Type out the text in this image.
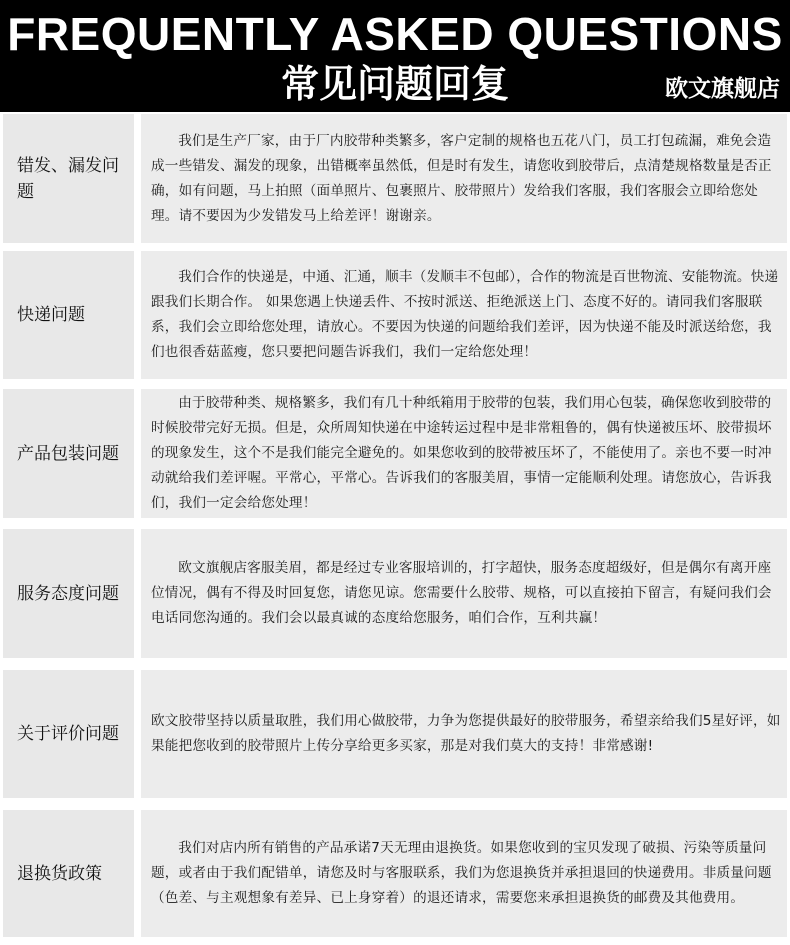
FREQUENTLY ASKED QUESTIONS
常见问题回复	欧文旗舰店
错发、漏发问题

我们是生产厂家，由于厂内胶带种类繁多，客户定制的规格也五花八门，员工打包疏漏，难免会造成一些错发、漏发的现象，出错概率虽然低，但是时有发生，请您收到胶带后，点清楚规格数量是否正确，如有问题，马上拍照（面单照片、包裹照片、胶带照片）发给我们客服，我们客服会立即给您处理。请不要因为少发错发马上给差评！谢谢亲。

快递问题

我们合作的快递是，中通、汇通，顺丰（发顺丰不包邮），合作的物流是百世物流、安能物流。快递跟我们长期合作。 如果您遇上快递丢件、不按时派送、拒绝派送上门、态度不好的。请同我们客服联系，我们会立即给您处理，请放心。不要因为快递的问题给我们差评，因为快递不能及时派送给您，我们也很香菇蓝瘦，您只要把问题告诉我们，我们一定给您处理！

产品包装问题

由于胶带种类、规格繁多，我们有几十种纸箱用于胶带的包装，我们用心包装，确保您收到胶带的时候胶带完好无损。但是，众所周知快递在中途转运过程中是非常粗鲁的，偶有快递被压坏、胶带损坏的现象发生，这个不是我们能完全避免的。如果您收到的胶带被压坏了，不能使用了。亲也不要一时冲动就给我们差评喔。平常心，平常心。告诉我们的客服美眉，事情一定能顺利处理。请您放心，告诉我们，我们一定会给您处理！

服务态度问题

欧文旗舰店客服美眉，都是经过专业客服培训的，打字超快，服务态度超级好，但是偶尔有离开座位情况，偶有不得及时回复您，请您见谅。您需要什么胶带、规格，可以直接拍下留言，有疑问我们会电话同您沟通的。我们会以最真诚的态度给您服务，咱们合作，互利共赢！

关于评价问题

欧文胶带坚持以质量取胜，我们用心做胶带，力争为您提供最好的胶带服务，希望亲给我们5星好评，如果能把您收到的胶带照片上传分享给更多买家，那是对我们莫大的支持！非常感谢!

退换货政策

我们对店内所有销售的产品承诺7天无理由退换货。如果您收到的宝贝发现了破损、污染等质量问题，或者由于我们配错单，请您及时与客服联系，我们为您退换货并承担退回的快递费用。非质量问题（色差、与主观想象有差异、已上身穿着）的退还请求，需要您来承担退换货的邮费及其他费用。
